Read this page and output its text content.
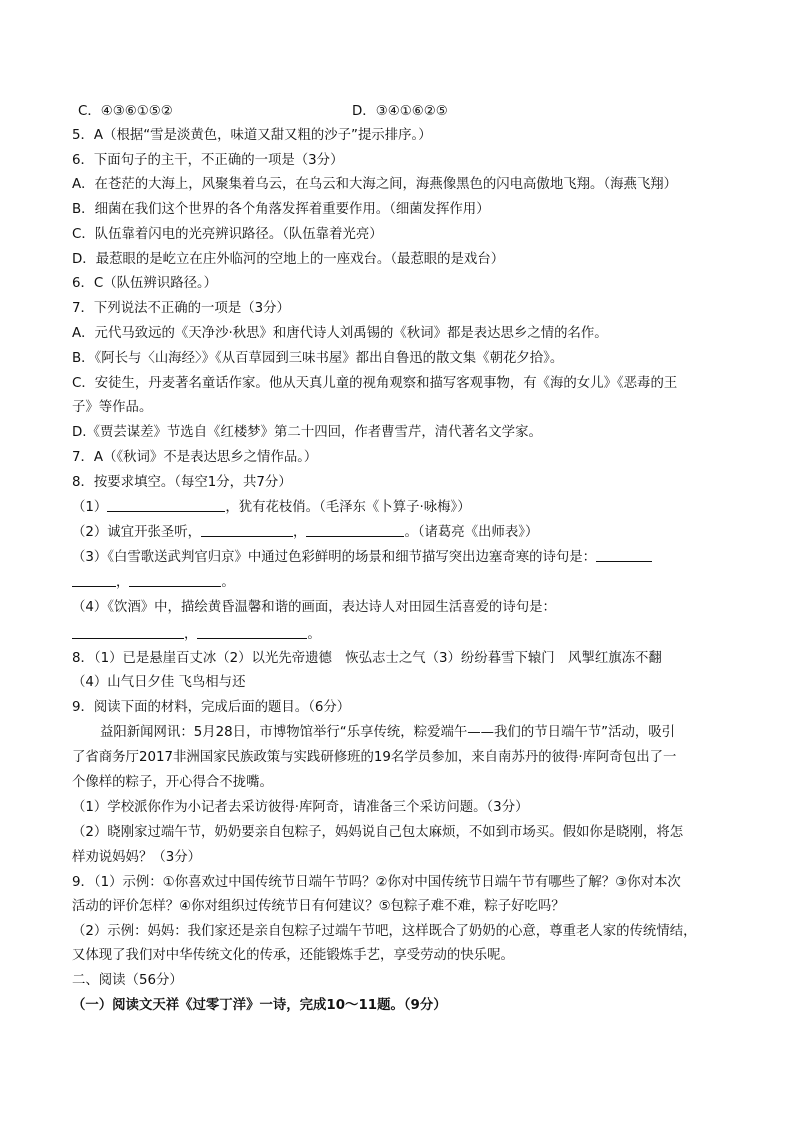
C．④③⑥①⑤②	D．③④①⑥②⑤
5．A（根据“雪是淡黄色，味道又甜又粗的沙子”提示排序。）
6．下面句子的主干，不正确的一项是（3分）
A．在苍茫的大海上，风聚集着乌云，在乌云和大海之间，海燕像黑色的闪电高傲地飞翔。（海燕飞翔）
B．细菌在我们这个世界的各个角落发挥着重要作用。（细菌发挥作用）
C．队伍靠着闪电的光亮辨识路径。（队伍靠着光亮）
D．最惹眼的是屹立在庄外临河的空地上的一座戏台。（最惹眼的是戏台）
6．C（队伍辨识路径。）
7．下列说法不正确的一项是（3分）
A．元代马致远的《天净沙·秋思》和唐代诗人刘禹锡的《秋词》都是表达思乡之情的名作。
B．《阿长与〈山海经〉》《从百草园到三味书屋》都出自鲁迅的散文集《朝花夕拾》。
C．安徒生，丹麦著名童话作家。他从天真儿童的视角观察和描写客观事物，有《海的女儿》《恶毒的王
子》等作品。
D.《贾芸谋差》节选自《红楼梦》第二十四回，作者曹雪芹，清代著名文学家。
7．A（《秋词》不是表达思乡之情作品。）
8．按要求填空。（每空1分，共7分）
（1）	，犹有花枝俏。（毛泽东《卜算子·咏梅》）
（2）诚宜开张圣听，	，	。（诸葛亮《出师表》）
（3）《白雪歌送武判官归京》中通过色彩鲜明的场景和细节描写突出边塞奇寒的诗句是：
，	。
（4）《饮酒》中，描绘黄昏温馨和谐的画面，表达诗人对田园生活喜爱的诗句是：
，	。
8．（1）已是悬崖百丈冰（2）以光先帝遗德　恢弘志士之气（3）纷纷暮雪下辕门　风掣红旗冻不翻
（4）山气日夕佳 飞鸟相与还
9．阅读下面的材料，完成后面的题目。（6分）
益阳新闻网讯：5月28日，市博物馆举行“乐享传统，粽爱端午——我们的节日端午节”活动，吸引
了省商务厅2017非洲国家民族政策与实践研修班的19名学员参加，来自南苏丹的彼得·库阿奇包出了一
个像样的粽子，开心得合不拢嘴。
（1）学校派你作为小记者去采访彼得·库阿奇，请准备三个采访问题。（3分）
（2）晓刚家过端午节，奶奶要亲自包粽子，妈妈说自己包太麻烦，不如到市场买。假如你是晓刚，将怎
样劝说妈妈？（3分）
9．（1）示例：①你喜欢过中国传统节日端午节吗？②你对中国传统节日端午节有哪些了解？③你对本次
活动的评价怎样？④你对组织过传统节日有何建议？⑤包粽子难不难，粽子好吃吗？
（2）示例：妈妈：我们家还是亲自包粽子过端午节吧，这样既合了奶奶的心意，尊重老人家的传统情结，
又体现了我们对中华传统文化的传承，还能锻炼手艺，享受劳动的快乐呢。
二、阅读（56分）
（一）阅读文天祥《过零丁洋》一诗，完成10～11题。（9分）
